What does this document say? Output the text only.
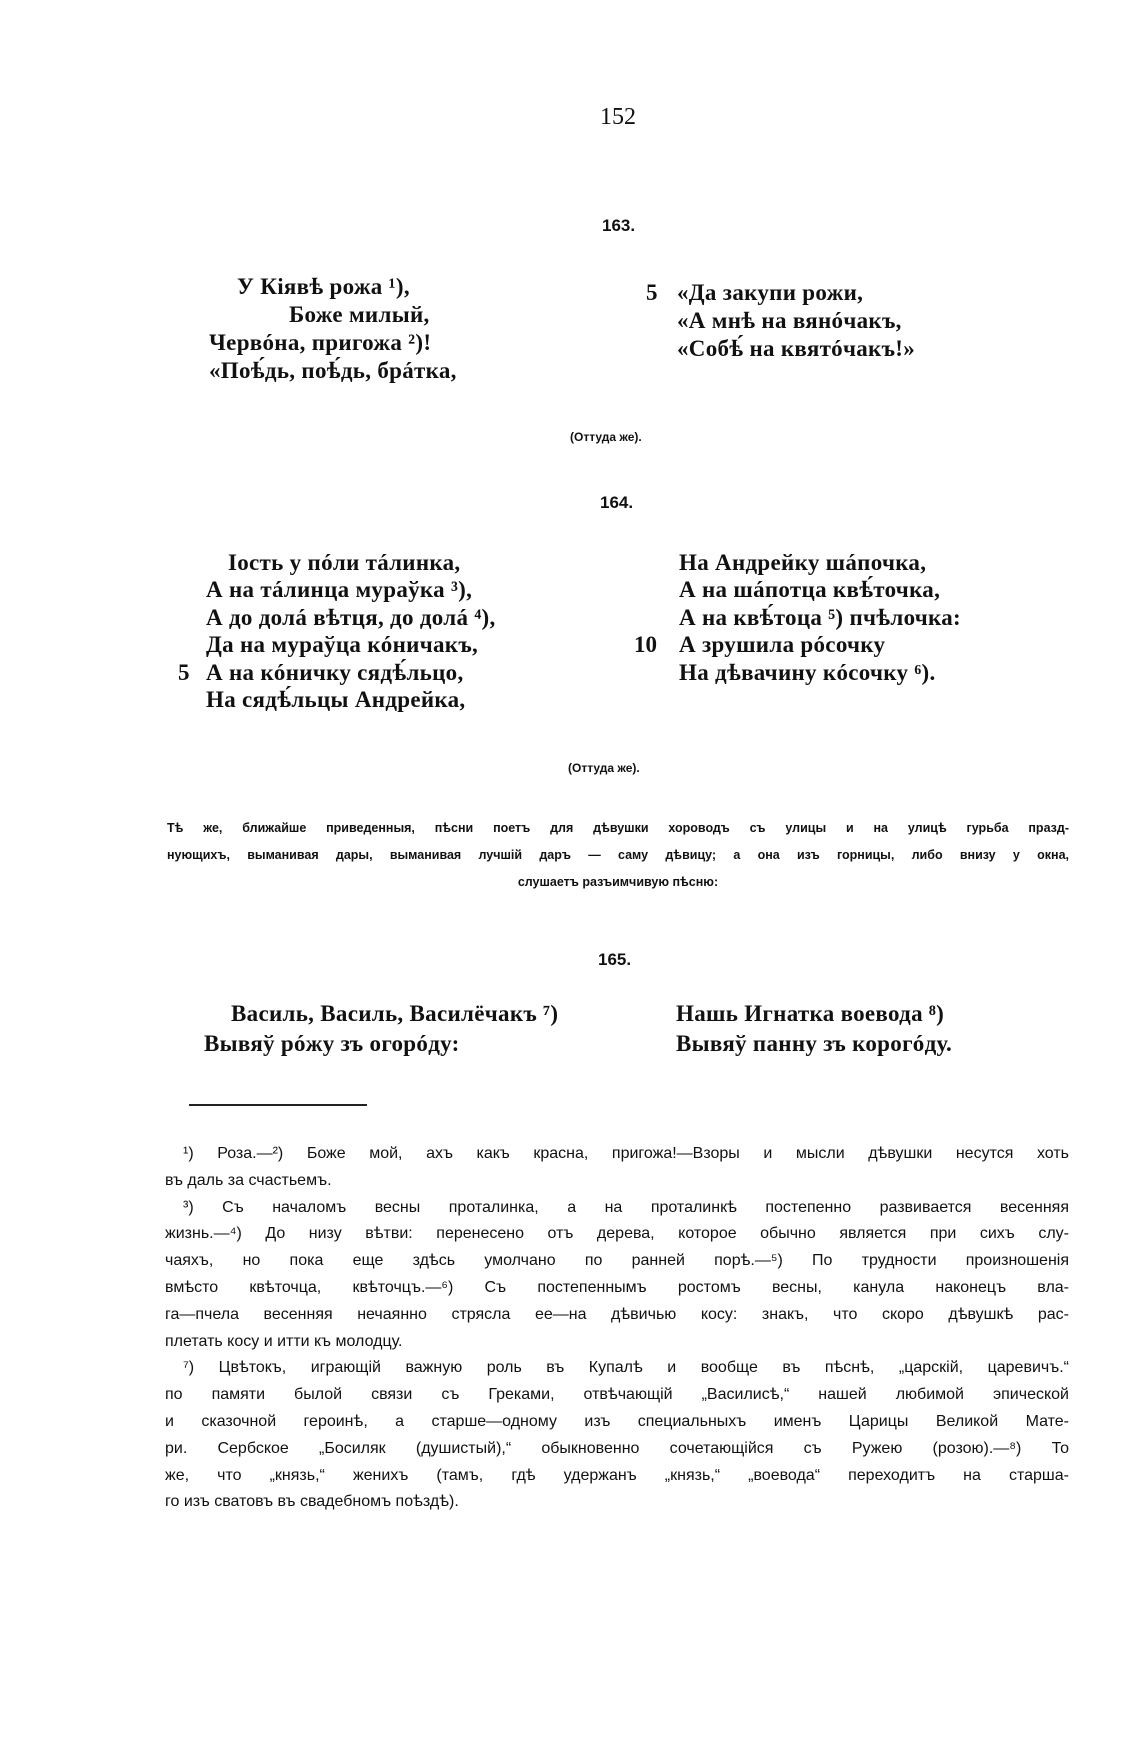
152
163.
У Кіявѣ рожа ¹),
Боже милый,
Червóна, пригожа ²)!
«Поѣ́дь, поѣ́дь, брáтка,
5 «Да закупи рожи,
«А мнѣ на вянóчакъ,
«Собѣ́ на квятóчакъ!»
(Оттуда же).
164.
Іость у пóли тáлинка,
А на тáлинца мураўка ³),
А до долá вѣтця, до долá ⁴),
Да на мураўца кóничакъ,
5 А на кóничку сядѣ́льцо,
На сядѣ́льцы Андрейка,
На Андрейку шáпочка,
А на шáпотца квѣ́точка,
А на квѣ́тоца ⁵) пчѣлочка:
10 А зрушила рóсочку
На дѣвачину кóсочку ⁶).
(Оттуда же).
Тѣ же, ближайше приведенныя, пѣсни поетъ для дѣвушки хороводъ съ улицы и на улицѣ гурьба празд-
нующихъ, выманивая дары, выманивая лучшій даръ — саму дѣвицу; а она изъ горницы, либо внизу у окна,
слушаетъ разъимчивую пѣсню:
165.
Василь, Василь, Василёчакъ ⁷)
Вывяў рóжу зъ огорóду:
Нашь Игнатка воевода ⁸)
Вывяў панну зъ корогóду.
¹) Роза.—²) Боже мой, ахъ какъ красна, пригожа!—Взоры и мысли дѣвушки несутся хоть
въ даль за счастьемъ.
³) Съ началомъ весны проталинка, а на проталинкѣ постепенно развивается весенняя
жизнь.—⁴) До низу вѣтви: перенесено отъ дерева, которое обычно является при сихъ слу-
чаяхъ, но пока еще здѣсь умолчано по ранней порѣ.—⁵) По трудности произношенія
вмѣсто квѣточца, квѣточцъ.—⁶) Съ постепеннымъ ростомъ весны, канула наконецъ вла-
га—пчела весенняя нечаянно стрясла ее—на дѣвичью косу: знакъ, что скоро дѣвушкѣ рас-
плетать косу и итти къ молодцу.
⁷) Цвѣтокъ, играющій важную роль въ Купалѣ и вообще въ пѣснѣ, „царскій, царевичъ.“
по памяти былой связи съ Греками, отвѣчающій „Василисѣ,“ нашей любимой эпической
и сказочной героинѣ, а старше—одному изъ специальныхъ именъ Царицы Великой Мате-
ри. Сербское „Босиляк (душистый),“ обыкновенно сочетающійся съ Ружею (розою).—⁸) То
же, что „князь,“ женихъ (тамъ, гдѣ удержанъ „князь,“ „воевода“ переходитъ на старша-
го изъ сватовъ въ свадебномъ поѣздѣ).
